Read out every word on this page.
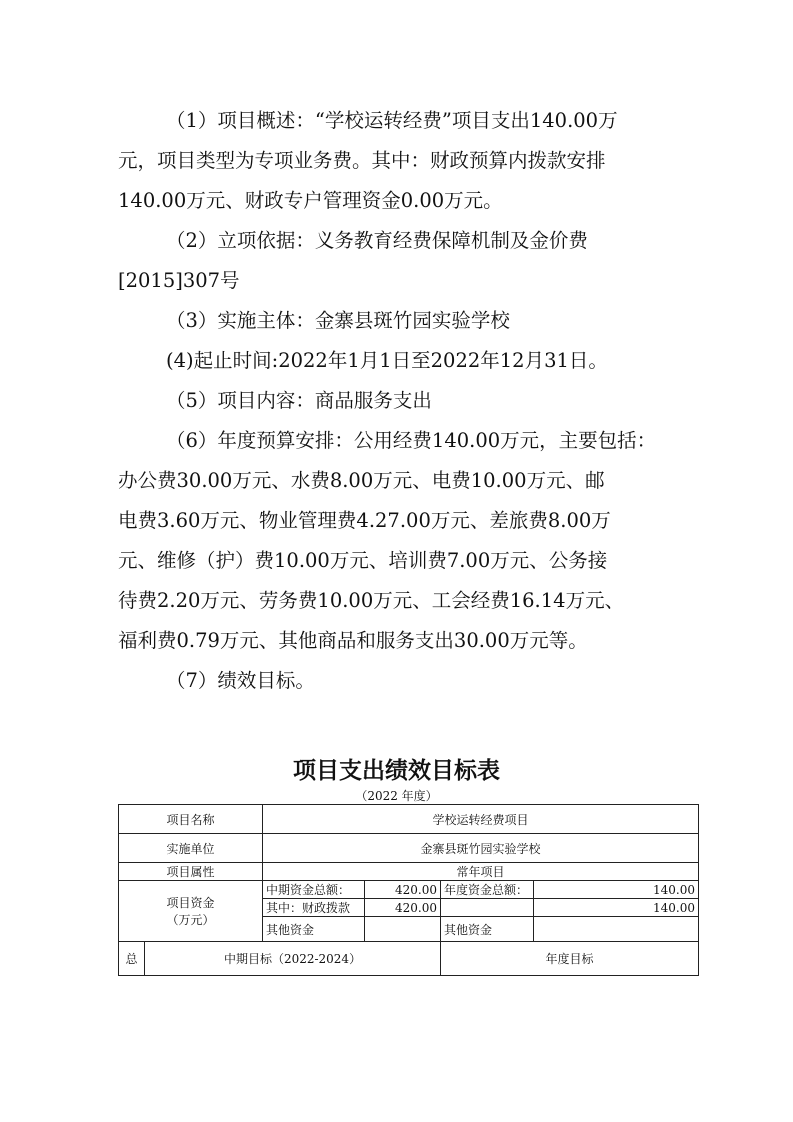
（1）项目概述：“学校运转经费”项目支出140.00万
元，项目类型为专项业务费。其中：财政预算内拨款安排
140.00万元、财政专户管理资金0.00万元。
（2）立项依据：义务教育经费保障机制及金价费
[2015]307号
（3）实施主体：金寨县斑竹园实验学校
(4)起止时间:2022年1月1日至2022年12月31日。
（5）项目内容：商品服务支出
（6）年度预算安排：公用经费140.00万元，主要包括：
办公费30.00万元、水费8.00万元、电费10.00万元、邮
电费3.60万元、物业管理费4.27.00万元、差旅费8.00万
元、维修（护）费10.00万元、培训费7.00万元、公务接
待费2.20万元、劳务费10.00万元、工会经费16.14万元、
福利费0.79万元、其他商品和服务支出30.00万元等。
（7）绩效目标。
项目支出绩效目标表
（2022 年度）
项目名称		学校运转经费项目			
实施单位		金寨县斑竹园实验学校			
项目属性		常年项目			

项目资金
（万元）		中期资金总额：	420.00	年度资金总额：	140.00
		其中：财政拨款	420.00		140.00
		其他资金		其他资金	
总	中期目标（2022-2024）			年度目标	
